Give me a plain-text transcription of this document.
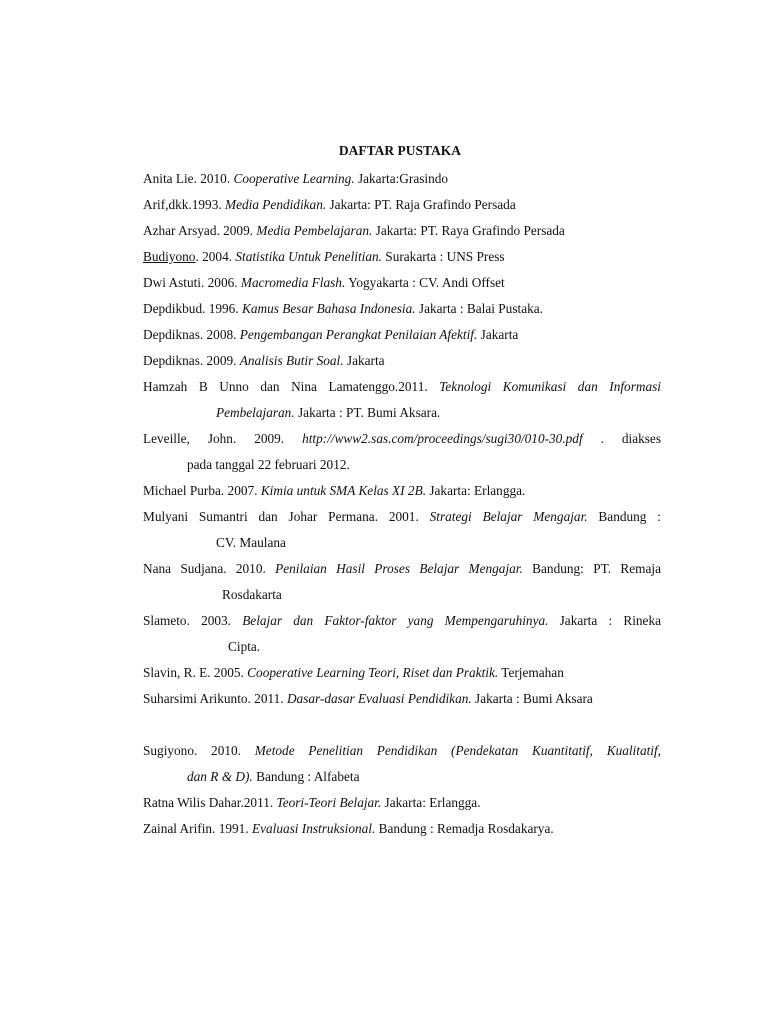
DAFTAR PUSTAKA
Anita Lie. 2010. Cooperative Learning. Jakarta:Grasindo
Arif,dkk.1993. Media Pendidikan. Jakarta: PT. Raja Grafindo Persada
Azhar Arsyad. 2009. Media Pembelajaran. Jakarta: PT. Raya Grafindo Persada
Budiyono. 2004. Statistika Untuk Penelitian. Surakarta : UNS Press
Dwi Astuti. 2006. Macromedia Flash. Yogyakarta : CV. Andi Offset
Depdikbud. 1996. Kamus Besar Bahasa Indonesia. Jakarta : Balai Pustaka.
Depdiknas. 2008. Pengembangan Perangkat Penilaian Afektif. Jakarta
Depdiknas. 2009. Analisis Butir Soal. Jakarta
Hamzah B Unno dan Nina Lamatenggo.2011. Teknologi Komunikasi dan Informasi
Pembelajaran. Jakarta : PT. Bumi Aksara.
Leveille, John. 2009. http://www2.sas.com/proceedings/sugi30/010-30.pdf . diakses
pada tanggal 22 februari 2012.
Michael Purba. 2007. Kimia untuk SMA Kelas XI 2B. Jakarta: Erlangga.
Mulyani Sumantri dan Johar Permana. 2001. Strategi Belajar Mengajar. Bandung :
CV. Maulana
Nana Sudjana. 2010. Penilaian Hasil Proses Belajar Mengajar. Bandung: PT. Remaja
Rosdakarta
Slameto. 2003. Belajar dan Faktor-faktor yang Mempengaruhinya. Jakarta : Rineka
Cipta.
Slavin, R. E. 2005. Cooperative Learning Teori, Riset dan Praktik. Terjemahan
Suharsimi Arikunto. 2011. Dasar-dasar Evaluasi Pendidikan. Jakarta : Bumi Aksara
Sugiyono. 2010. Metode Penelitian Pendidikan (Pendekatan Kuantitatif, Kualitatif,
dan R & D). Bandung : Alfabeta
Ratna Wilis Dahar.2011. Teori-Teori Belajar. Jakarta: Erlangga.
Zainal Arifin. 1991. Evaluasi Instruksional. Bandung : Remadja Rosdakarya.
